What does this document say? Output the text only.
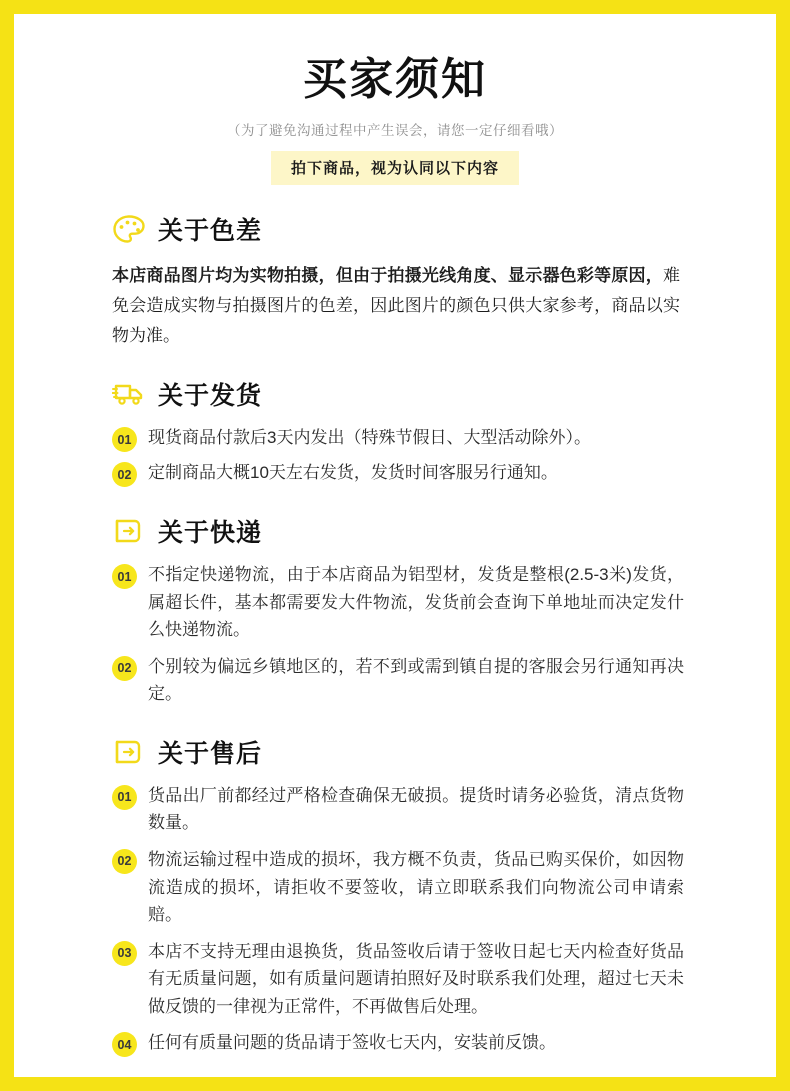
买家须知
（为了避免沟通过程中产生误会，请您一定仔细看哦）
拍下商品，视为认同以下内容
关于色差
本店商品图片均为实物拍摄，但由于拍摄光线角度、显示器色彩等原因，难免会造成实物与拍摄图片的色差，因此图片的颜色只供大家参考，商品以实物为准。
关于发货
01 现货商品付款后3天内发出（特殊节假日、大型活动除外）。
02 定制商品大概10天左右发货，发货时间客服另行通知。
关于快递
01 不指定快递物流，由于本店商品为铝型材，发货是整根(2.5-3米)发货，属超长件，基本都需要发大件物流，发货前会查询下单地址而决定发什么快递物流。
02 个别较为偏远乡镇地区的，若不到或需到镇自提的客服会另行通知再决定。
关于售后
01 货品出厂前都经过严格检查确保无破损。提货时请务必验货，清点货物数量。
02 物流运输过程中造成的损坏，我方概不负责，货品已购买保价，如因物流造成的损坏，请拒收不要签收，请立即联系我们向物流公司申请索赔。
03 本店不支持无理由退换货，货品签收后请于签收日起七天内检查好货品有无质量问题，如有质量问题请拍照好及时联系我们处理，超过七天未做反馈的一律视为正常件，不再做售后处理。
04 任何有质量问题的货品请于签收七天内，安装前反馈。
